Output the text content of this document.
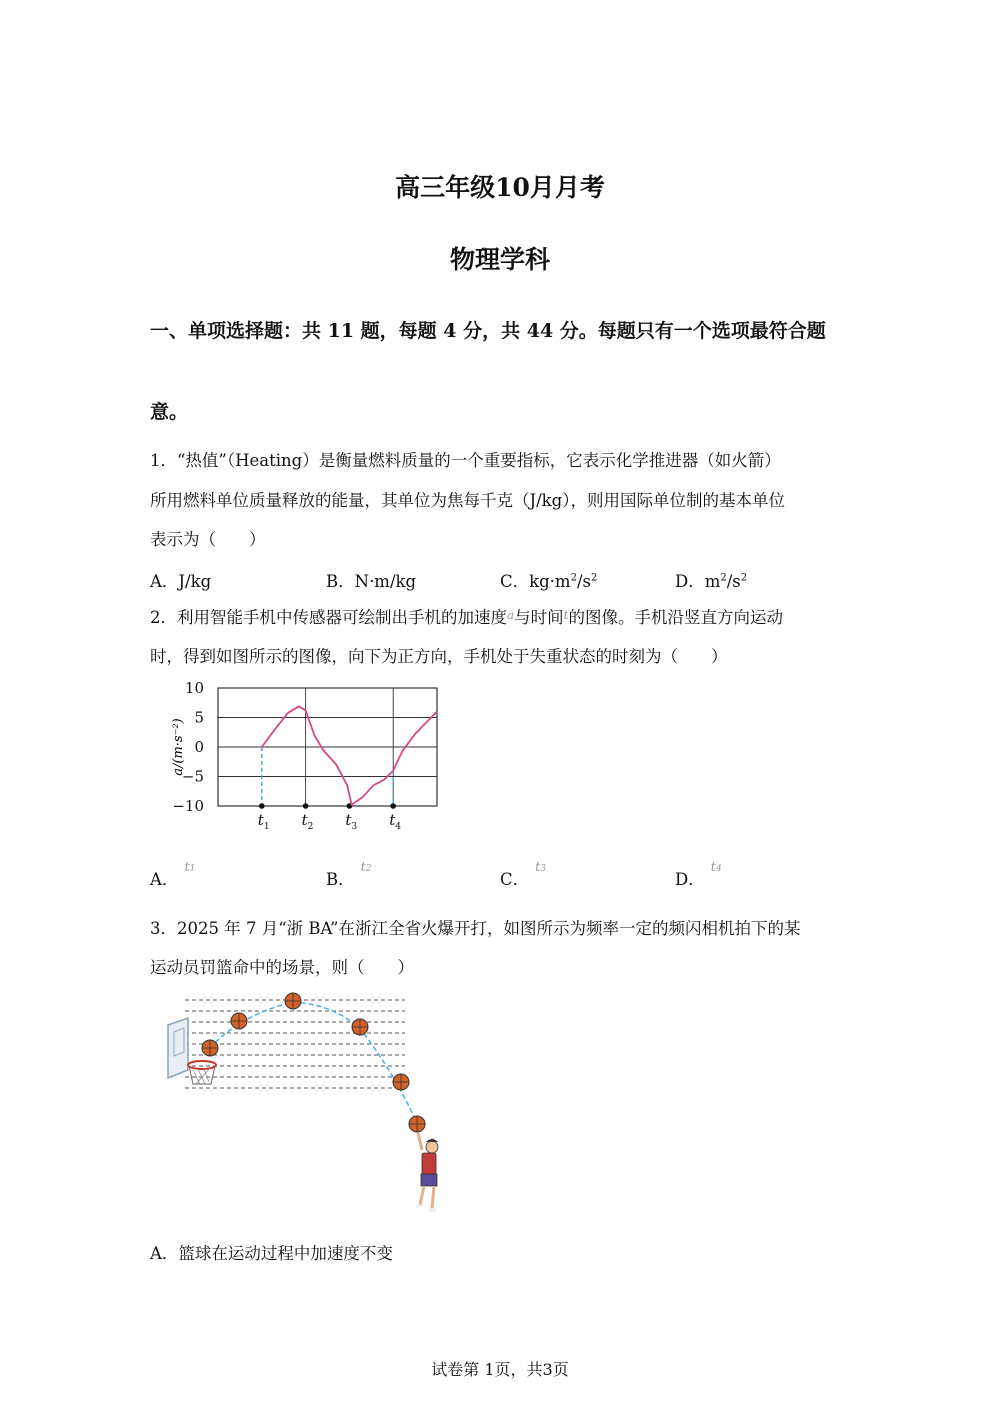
高三年级10月月考
物理学科
一、单项选择题：共 11 题，每题 4 分，共 44 分。每题只有一个选项最符合题
意。
1．“热值”（Heating）是衡量燃料质量的一个重要指标，它表示化学推进器（如火箭）
所用燃料单位质量释放的能量，其单位为焦每千克（J/kg），则用国际单位制的基本单位
表示为（　　）
A．J/kg	B．N·m/kg	C．$kg\cdot m^2/s^2$	D．$m^2/s^2$
2．利用智能手机中传感器可绘制出手机的加速度$^a$与时间$^t$的图像。手机沿竖直方向运动
时，得到如图所示的图像，向下为正方向，手机处于失重状态的时刻为（　　）
10
5
0
−5
−10
$t_1$ $t_2$ $t_3$ $t_4$
a/(m·s⁻²)
A．$^{t1}$
B．$^{t2}$
C．$^{t3}$
D．$^{t4}$
3．2025 年 7 月“浙 BA”在浙江全省火爆开打，如图所示为频率一定的频闪相机拍下的某
运动员罚篮命中的场景，则（　　）
A．篮球在运动过程中加速度不变
试卷第 1页，共3页
